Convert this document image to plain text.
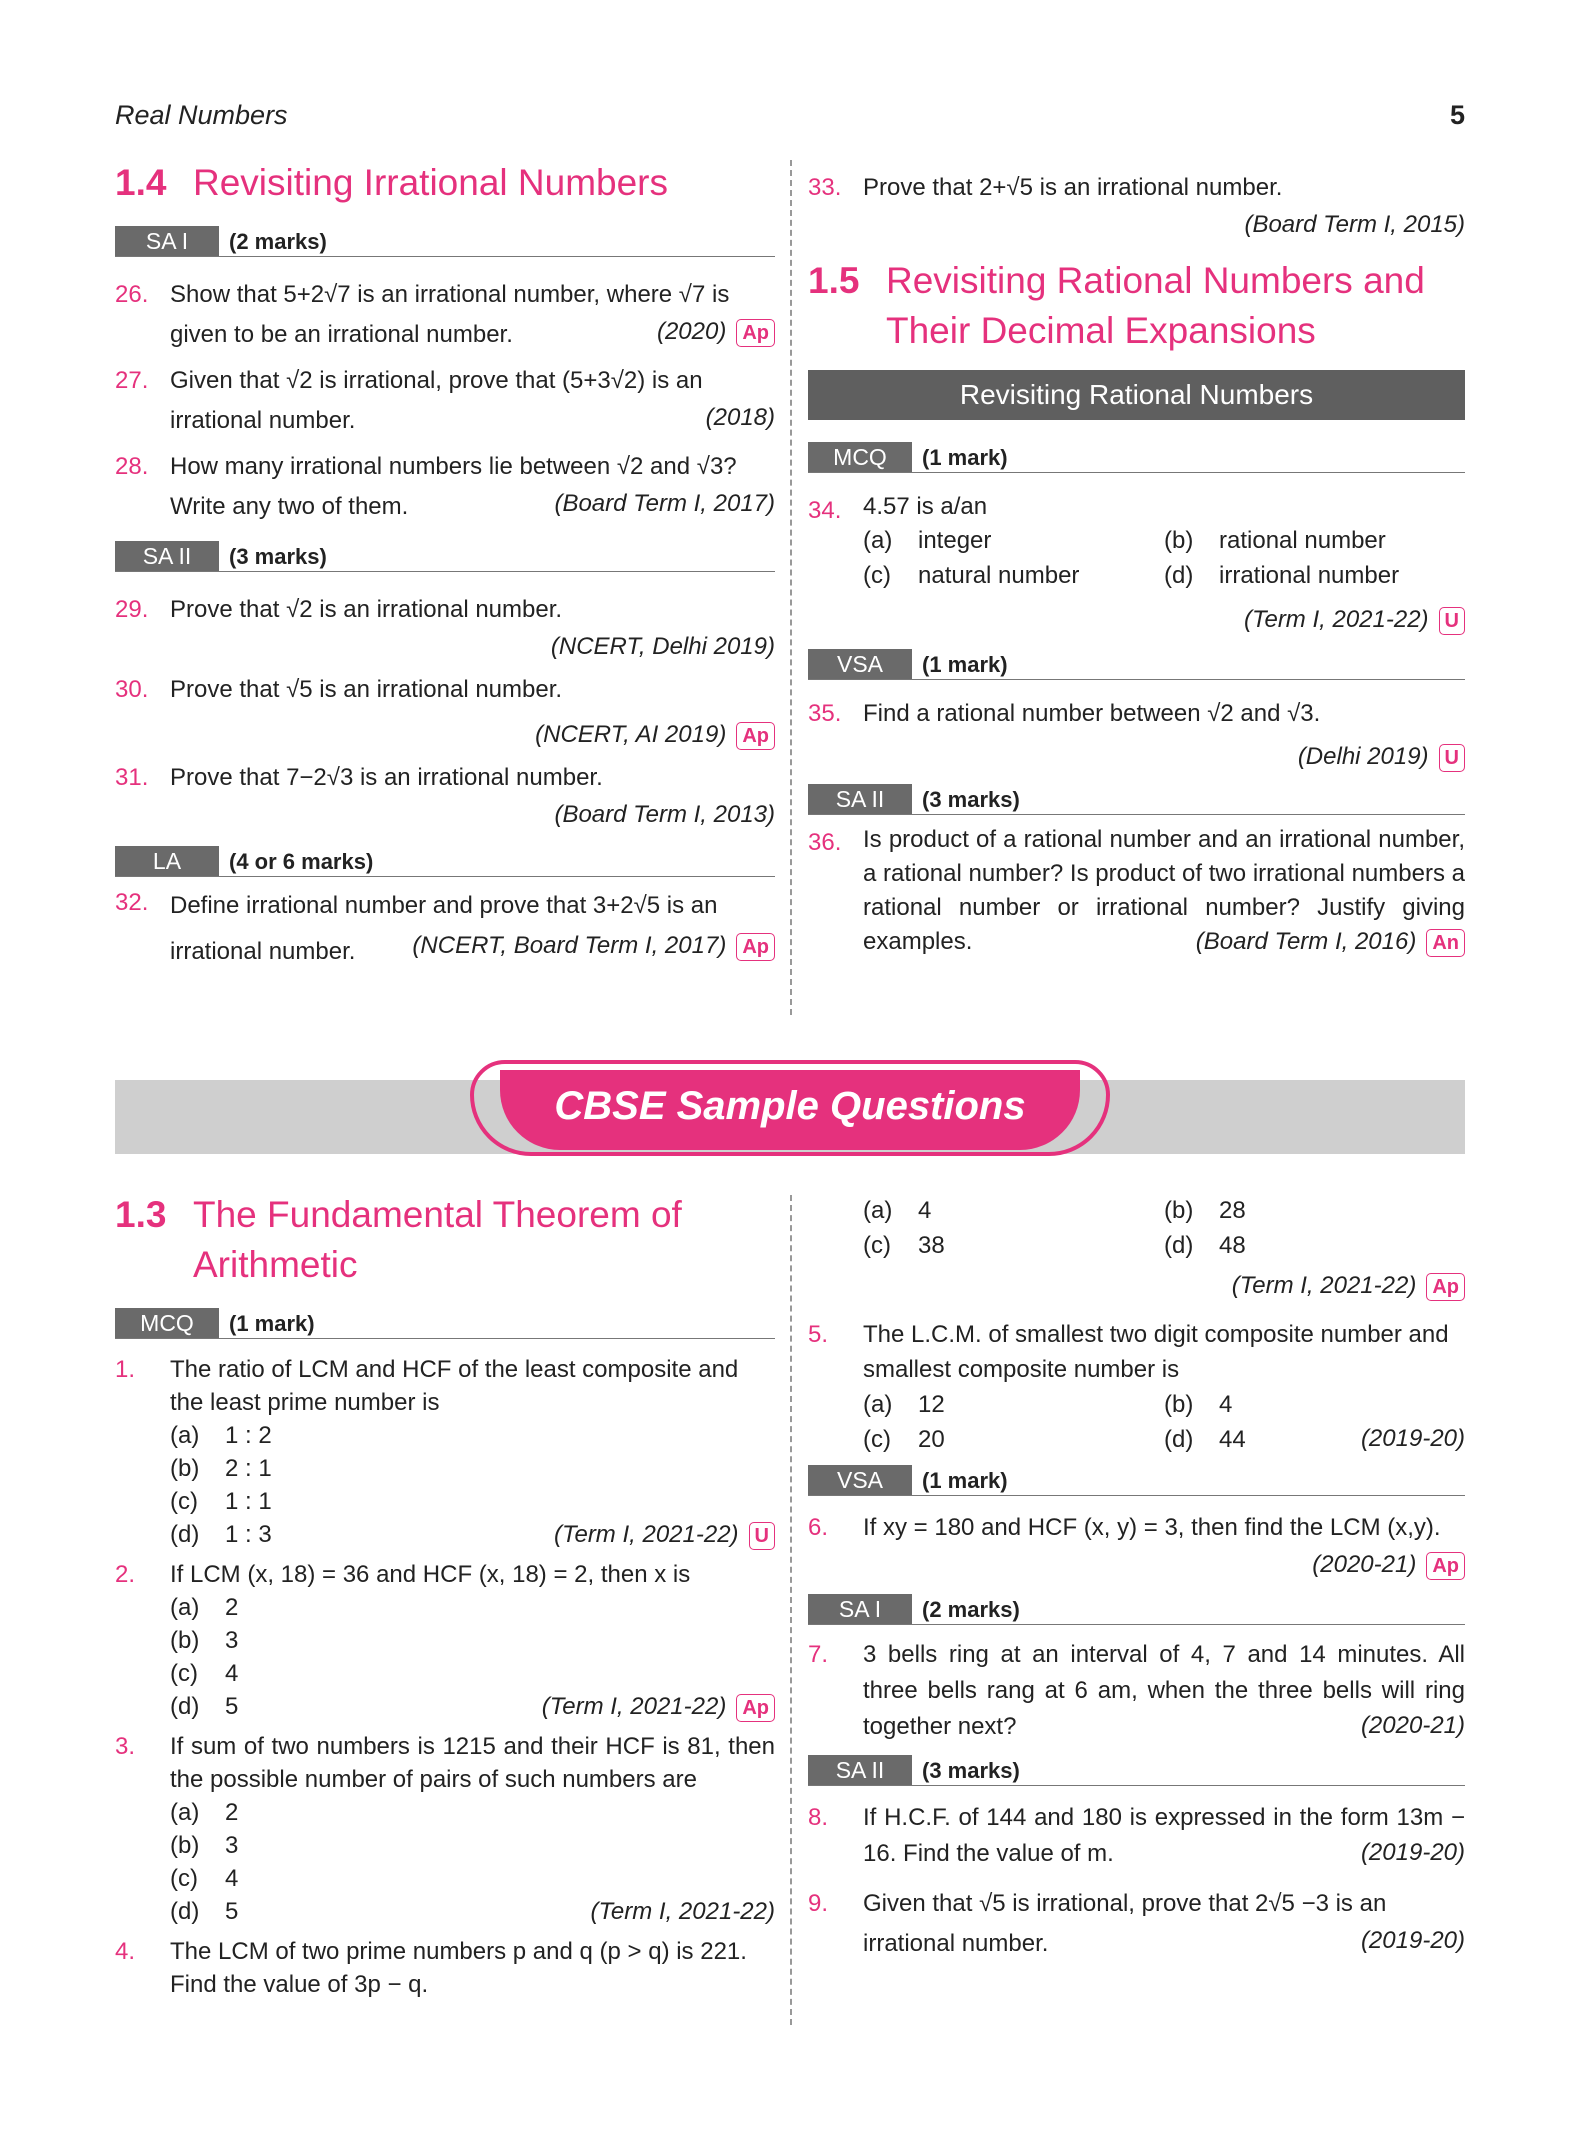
Real Numbers	5
1.4 Revisiting Irrational Numbers
SA I	(2 marks)
26. Show that 5+2√7 is an irrational number, where √7 is given to be an irrational number.	(2020) Ap
27. Given that √2 is irrational, prove that (5+3√2) is an irrational number.	(2018)
28. How many irrational numbers lie between √2 and √3? Write any two of them.	(Board Term I, 2017)
SA II	(3 marks)
29. Prove that √2 is an irrational number.
(NCERT, Delhi 2019)
30. Prove that √5 is an irrational number.
(NCERT, AI 2019) Ap
31. Prove that 7−2√3 is an irrational number.
(Board Term I, 2013)
LA	(4 or 6 marks)
32. Define irrational number and prove that 3+2√5 is an irrational number. (NCERT, Board Term I, 2017) Ap
33. Prove that 2+√5 is an irrational number.
(Board Term I, 2015)
1.5 Revisiting Rational Numbers and
Their Decimal Expansions
Revisiting Rational Numbers
MCQ	(1 mark)
34. 4.57 is a/an
(a)	integer	(b)	rational number
(c)	natural number	(d)	irrational number
(Term I, 2021-22) U
VSA	(1 mark)
35. Find a rational number between √2 and √3.
(Delhi 2019) U
SA II	(3 marks)
36. Is product of a rational number and an irrational number, a rational number? Is product of two irrational numbers a rational number or irrational number? Justify giving examples.	(Board Term I, 2016) An
CBSE Sample Questions
1.3 The Fundamental Theorem of
Arithmetic
MCQ	(1 mark)
1.	The ratio of LCM and HCF of the least composite and the least prime number is
(a)	1 : 2
(b)	2 : 1
(c)	1 : 1
(d)	1 : 3	(Term I, 2021-22) U
2.	If LCM (x, 18) = 36 and HCF (x, 18) = 2, then x is
(a)	2
(b)	3
(c)	4
(d)	5	(Term I, 2021-22) Ap
3.	If sum of two numbers is 1215 and their HCF is 81, then the possible number of pairs of such numbers are
(a)	2
(b)	3
(c)	4
(d)	5	(Term I, 2021-22)
4.	The LCM of two prime numbers p and q (p > q) is 221. Find the value of 3p − q.
(a)	4	(b)	28
(c)	38	(d)	48
(Term I, 2021-22) Ap
5.	The L.C.M. of smallest two digit composite number and smallest composite number is
(a)	12	(b)	4
(c)	20	(d)	44	(2019-20)
VSA	(1 mark)
6.	If xy = 180 and HCF (x, y) = 3, then find the LCM (x,y).
(2020-21) Ap
SA I	(2 marks)
7.	3 bells ring at an interval of 4, 7 and 14 minutes. All three bells rang at 6 am, when the three bells will ring together next?	(2020-21)
SA II	(3 marks)
8.	If H.C.F. of 144 and 180 is expressed in the form 13m − 16. Find the value of m.	(2019-20)
9.	Given that √5 is irrational, prove that 2√5 −3 is an irrational number.	(2019-20)
